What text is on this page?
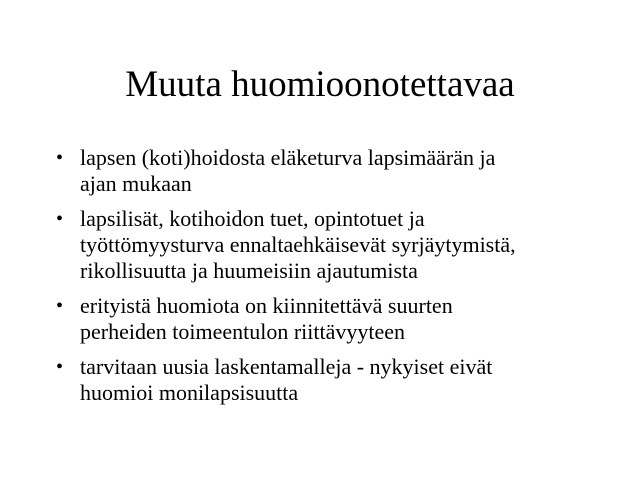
Muuta huomioonotettavaa
• lapsen (koti)hoidosta eläketurva lapsimäärän ja
ajan mukaan
• lapsilisät, kotihoidon tuet, opintotuet ja
työttömyysturva ennaltaehkäisevät syrjäytymistä,
rikollisuutta ja huumeisiin ajautumista
• erityistä huomiota on kiinnitettävä suurten
perheiden toimeentulon riittävyyteen
• tarvitaan uusia laskentamalleja - nykyiset eivät
huomioi monilapsisuutta
